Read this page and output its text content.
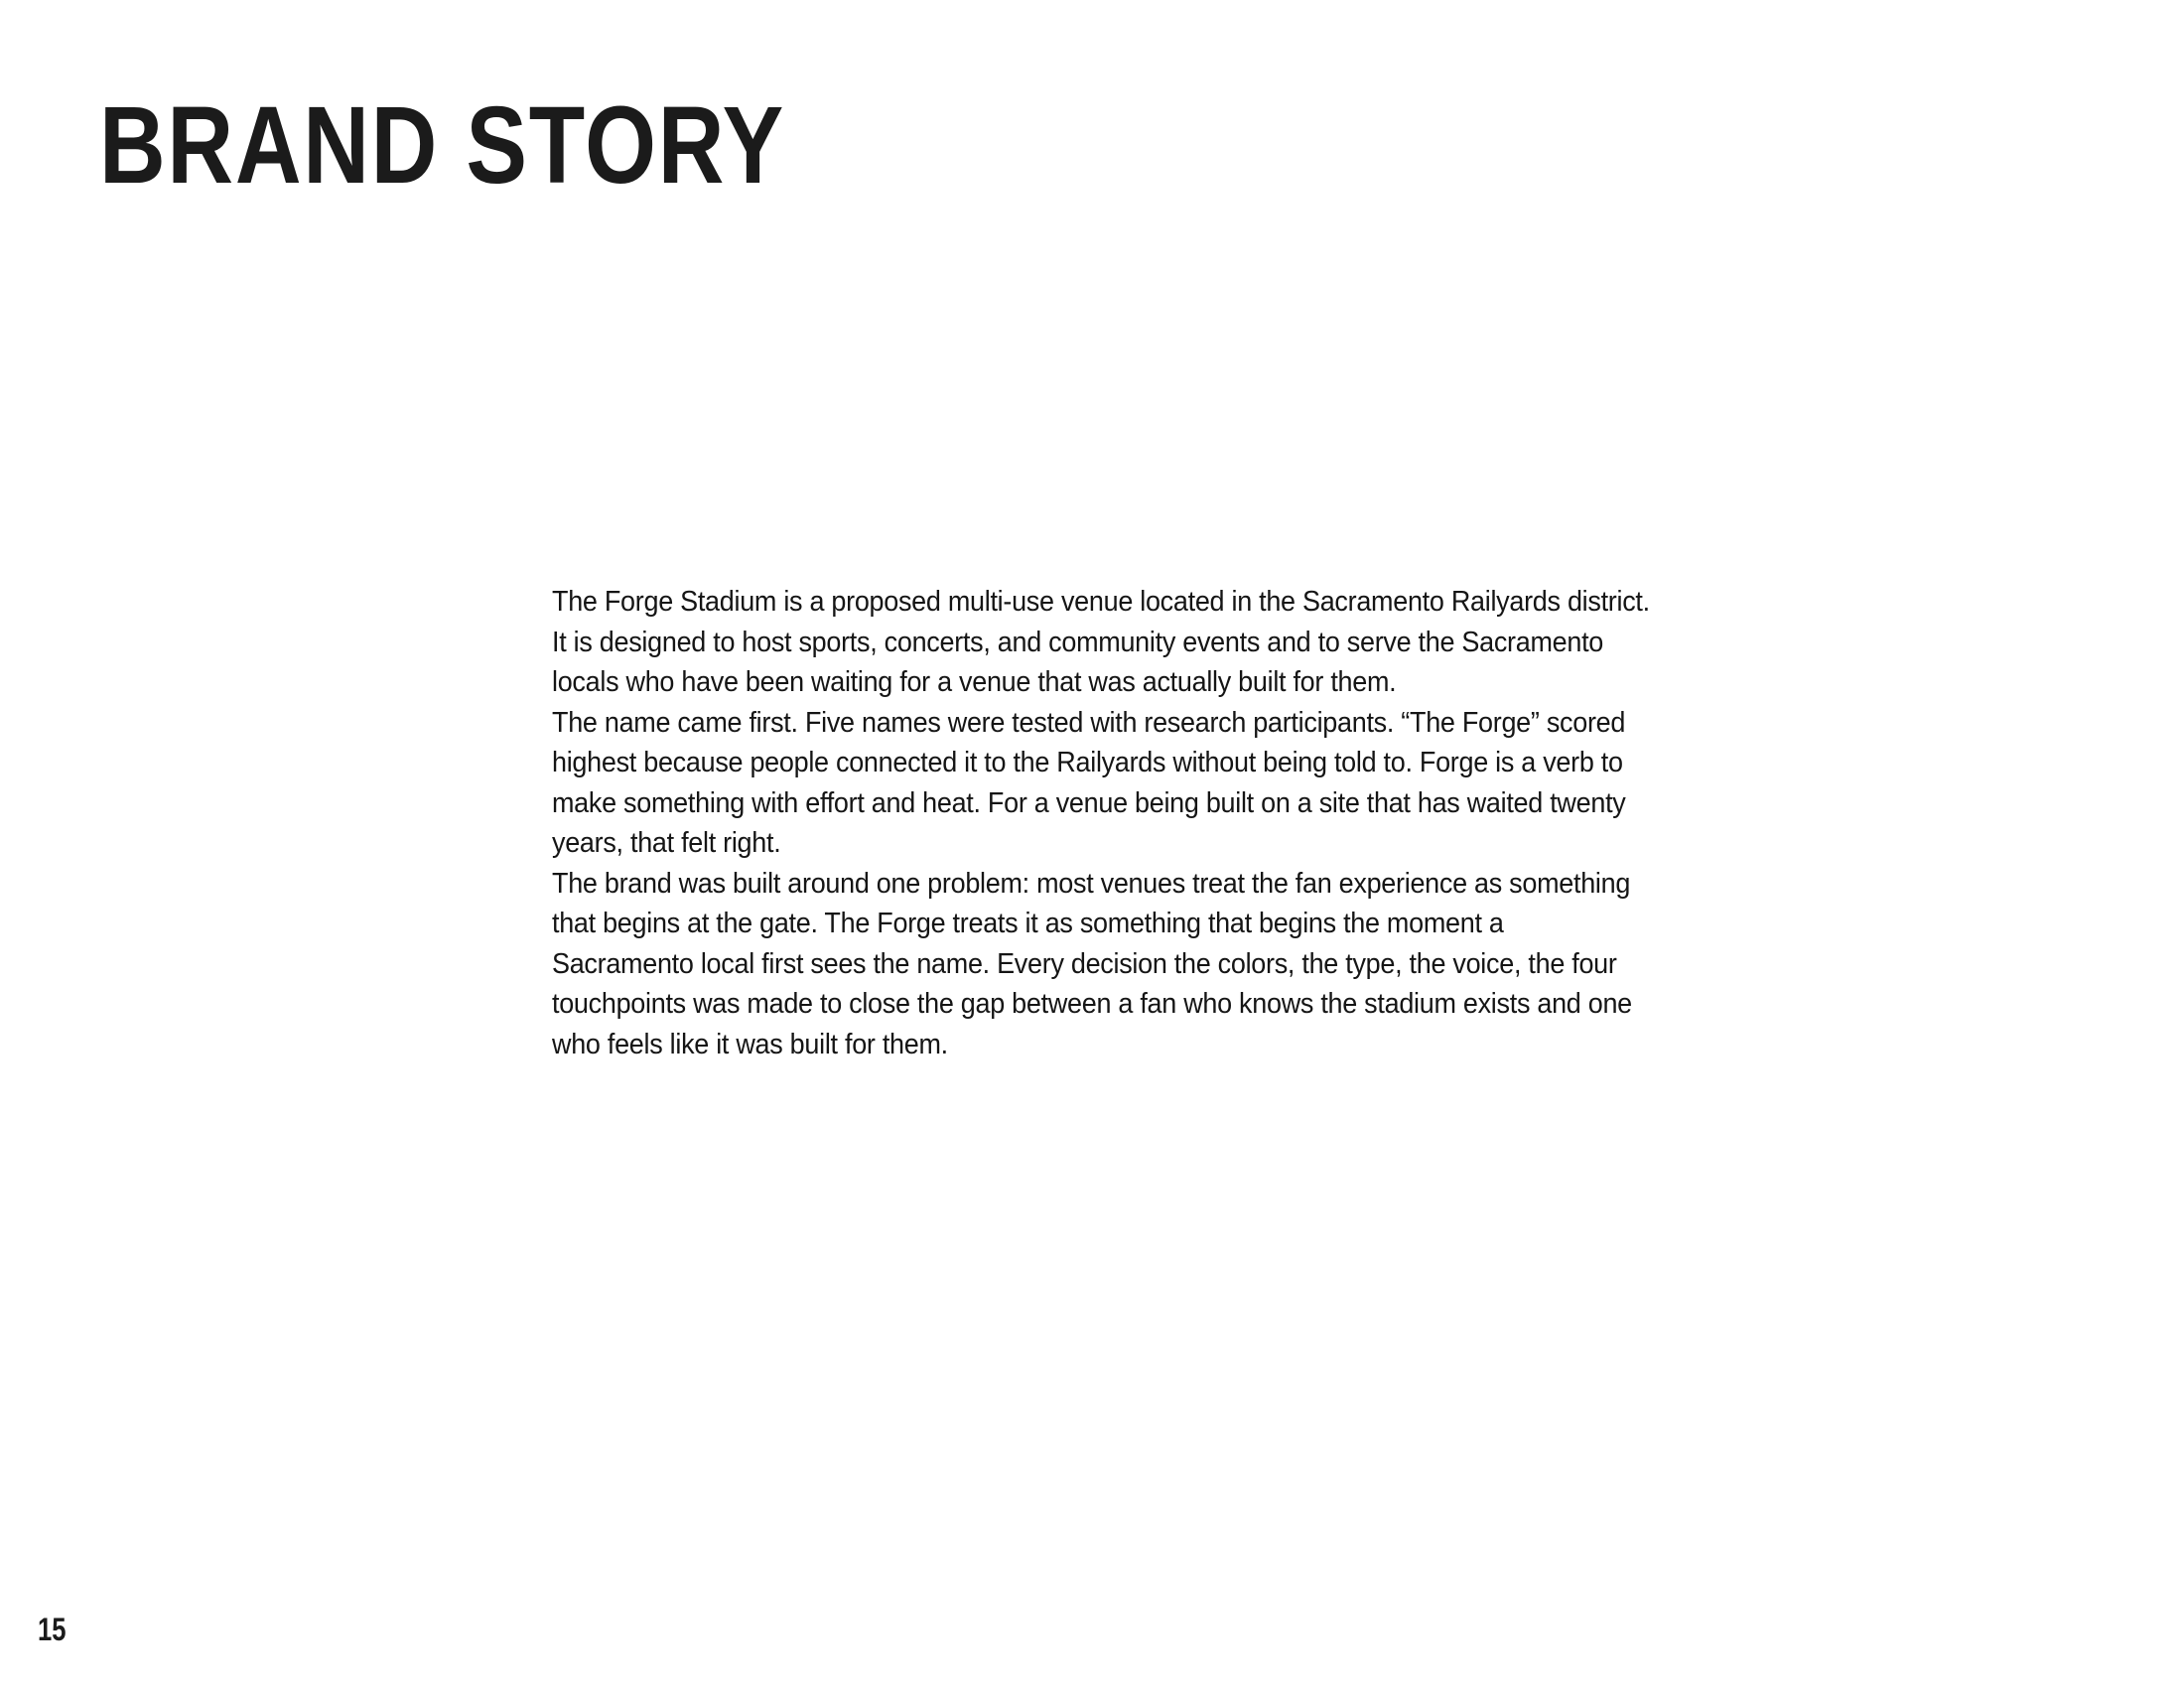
BRAND STORY

The Forge Stadium is a proposed multi-use venue located in the Sacramento Railyards district. It is designed to host sports, concerts, and community events and to serve the Sacramento locals who have been waiting for a venue that was actually built for them.

The name came first. Five names were tested with research participants. “The Forge” scored highest because people connected it to the Railyards without being told to. Forge is a verb to make something with effort and heat. For a venue being built on a site that has waited twenty years, that felt right.

The brand was built around one problem: most venues treat the fan experience as something that begins at the gate. The Forge treats it as something that begins the moment a Sacramento local first sees the name. Every decision the colors, the type, the voice, the four touchpoints was made to close the gap between a fan who knows the stadium exists and one who feels like it was built for them.

15
